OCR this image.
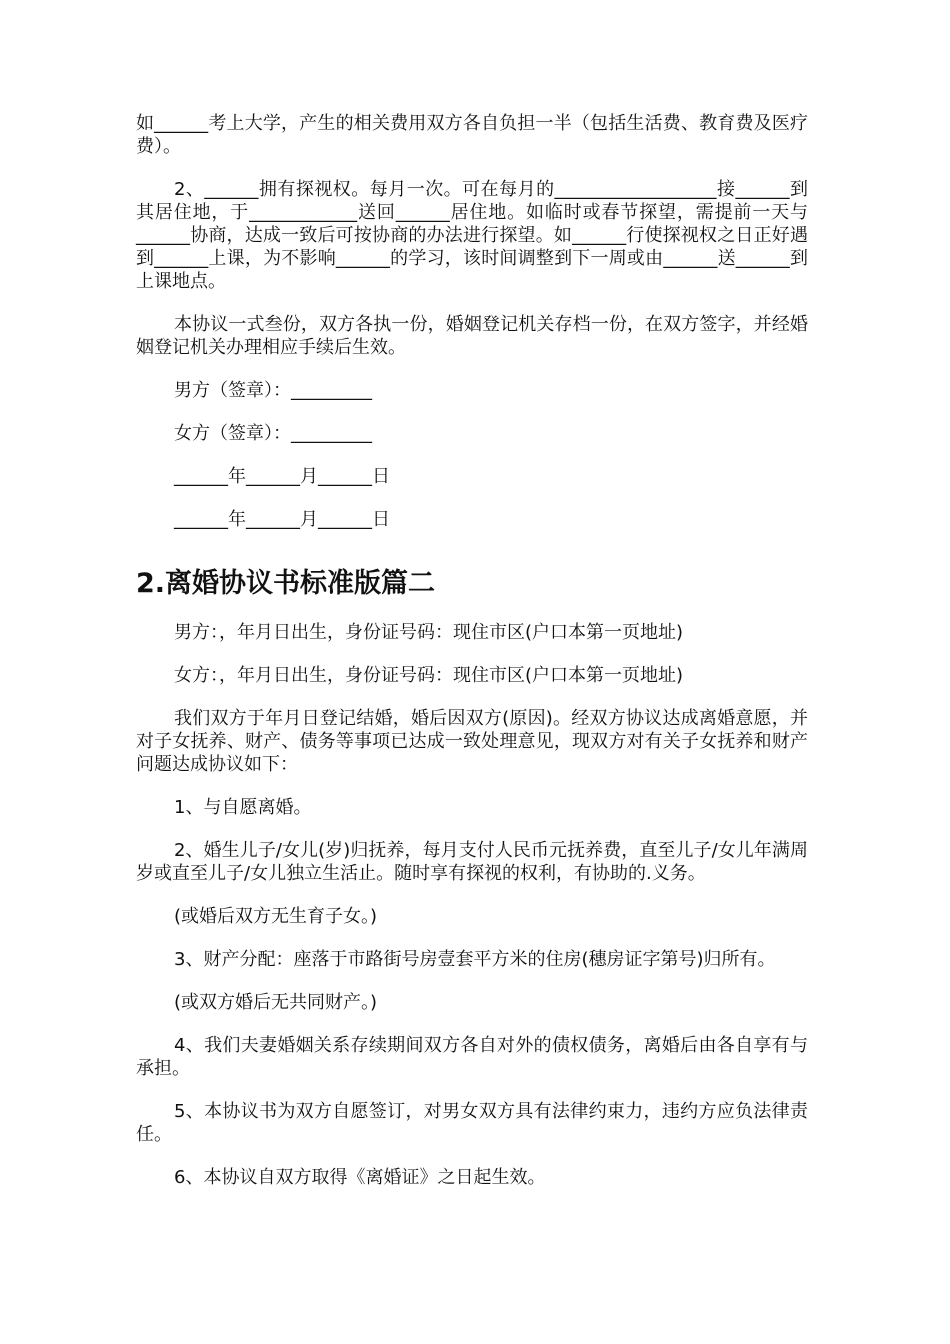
如______考上大学，产生的相关费用双方各自负担一半（包括生活费、教育费及医疗费）。

2、______拥有探视权。每月一次。可在每月的__________________接______到其居住地，于____________送回______居住地。如临时或春节探望，需提前一天与______协商，达成一致后可按协商的办法进行探望。如______行使探视权之日正好遇到______上课，为不影响______的学习，该时间调整到下一周或由______送______到上课地点。

本协议一式叁份，双方各执一份，婚姻登记机关存档一份，在双方签字，并经婚姻登记机关办理相应手续后生效。

男方（签章）：_________

女方（签章）：_________

______年______月______日

______年______月______日

2.离婚协议书标准版篇二

男方：，年月日出生，身份证号码：现住市区(户口本第一页地址)

女方：，年月日出生，身份证号码：现住市区(户口本第一页地址)

我们双方于年月日登记结婚，婚后因双方(原因)。经双方协议达成离婚意愿，并对子女抚养、财产、债务等事项已达成一致处理意见，现双方对有关子女抚养和财产问题达成协议如下：

1、与自愿离婚。

2、婚生儿子/女儿(岁)归抚养，每月支付人民币元抚养费，直至儿子/女儿年满周岁或直至儿子/女儿独立生活止。随时享有探视的权利，有协助的.义务。

(或婚后双方无生育子女。)

3、财产分配：座落于市路街号房壹套平方米的住房(穗房证字第号)归所有。

(或双方婚后无共同财产。)

4、我们夫妻婚姻关系存续期间双方各自对外的债权债务，离婚后由各自享有与承担。

5、本协议书为双方自愿签订，对男女双方具有法律约束力，违约方应负法律责任。

6、本协议自双方取得《离婚证》之日起生效。
